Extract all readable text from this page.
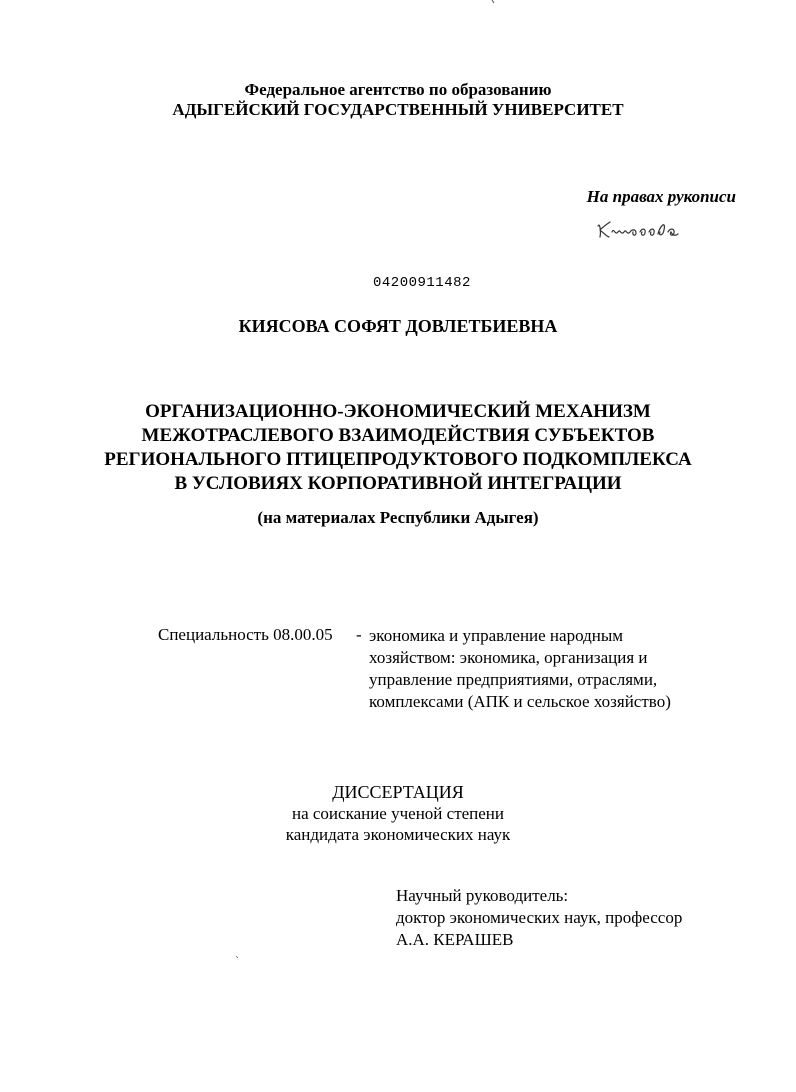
Федеральное агентство по образованию
АДЫГЕЙСКИЙ ГОСУДАРСТВЕННЫЙ УНИВЕРСИТЕТ
На правах рукописи
04200911482
КИЯСОВА СОФЯТ ДОВЛЕТБИЕВНА
ОРГАНИЗАЦИОННО-ЭКОНОМИЧЕСКИЙ МЕХАНИЗМ
МЕЖОТРАСЛЕВОГО ВЗАИМОДЕЙСТВИЯ СУБЪЕКТОВ
РЕГИОНАЛЬНОГО ПТИЦЕПРОДУКТОВОГО ПОДКОМПЛЕКСА
В УСЛОВИЯХ КОРПОРАТИВНОЙ ИНТЕГРАЦИИ
(на материалах Республики Адыгея)
Специальность 08.00.05 - экономика и управление народным
хозяйством: экономика, организация и
управление предприятиями, отраслями,
комплексами (АПК и сельское хозяйство)
ДИССЕРТАЦИЯ
на соискание ученой степени
кандидата экономических наук
Научный руководитель:
доктор экономических наук, профессор
А.А. КЕРАШЕВ
